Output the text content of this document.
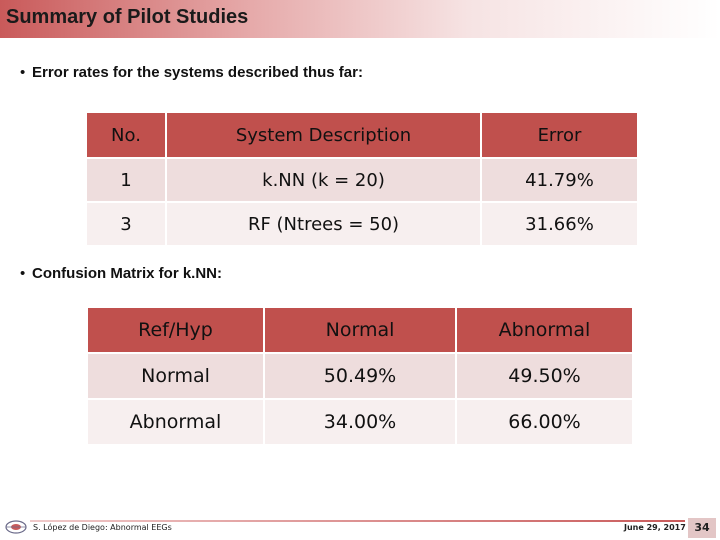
Summary of Pilot Studies
• Error rates for the systems described thus far:
No.	System Description	Error
1	k.NN (k = 20)	41.79%
3	RF (Ntrees = 50)	31.66%
• Confusion Matrix for k.NN:
Ref/Hyp	Normal	Abnormal
Normal	50.49%	49.50%
Abnormal	34.00%	66.00%
S. López de Diego: Abnormal EEGs	June 29, 2017 34
